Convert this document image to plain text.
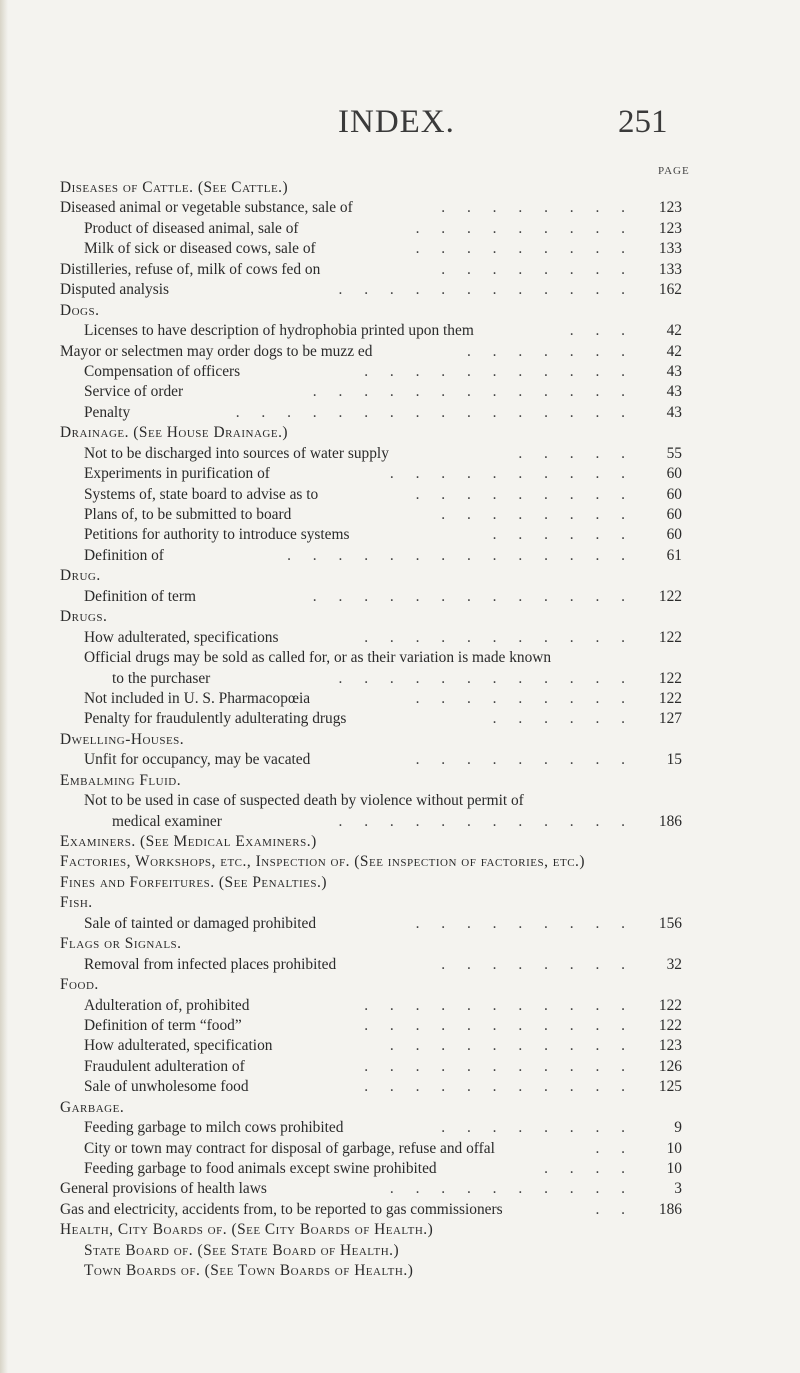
INDEX.	251
PAGE
Diseases of Cattle. (See Cattle.)
Diseased animal or vegetable substance, sale of	. . . . . . . .	123
Product of diseased animal, sale of	. . . . . . . . .	123
Milk of sick or diseased cows, sale of	. . . . . . . . .	133
Distilleries, refuse of, milk of cows fed on	. . . . . . . .	133
Disputed analysis	. . . . . . . . . . . .	162
Dogs.
Licenses to have description of hydrophobia printed upon them	. . .	42
Mayor or selectmen may order dogs to be muzz ed	. . . . . . .	42
Compensation of officers	. . . . . . . . . . .	43
Service of order	. . . . . . . . . . . . .	43
Penalty	. . . . . . . . . . . . . . . .	43
Drainage. (See House Drainage.)
Not to be discharged into sources of water supply	. . . . .	55
Experiments in purification of	. . . . . . . . . .	60
Systems of, state board to advise as to	. . . . . . . . .	60
Plans of, to be submitted to board	. . . . . . . .	60
Petitions for authority to introduce systems	. . . . . .	60
Definition of	. . . . . . . . . . . . . .	61
Drug.
Definition of term	. . . . . . . . . . . . .	122
Drugs.
How adulterated, specifications	. . . . . . . . . . .	122
Official drugs may be sold as called for, or as their variation is made known
to the purchaser	. . . . . . . . . . . .	122
Not included in U. S. Pharmacopœia	. . . . . . . . .	122
Penalty for fraudulently adulterating drugs	. . . . . .	127
Dwelling-Houses.
Unfit for occupancy, may be vacated	. . . . . . . . .	15
Embalming Fluid.
Not to be used in case of suspected death by violence without permit of
medical examiner	. . . . . . . . . . . .	186
Examiners. (See Medical Examiners.)
Factories, Workshops, etc., Inspection of. (See inspection of factories, etc.)
Fines and Forfeitures. (See Penalties.)
Fish.
Sale of tainted or damaged prohibited	. . . . . . . . .	156
Flags or Signals.
Removal from infected places prohibited	. . . . . . . .	32
Food.
Adulteration of, prohibited	. . . . . . . . . . .	122
Definition of term “food”	. . . . . . . . . . .	122
How adulterated, specification	. . . . . . . . . .	123
Fraudulent adulteration of	. . . . . . . . . . .	126
Sale of unwholesome food	. . . . . . . . . . .	125
Garbage.
Feeding garbage to milch cows prohibited	. . . . . . . .	9
City or town may contract for disposal of garbage, refuse and offal	. .	10
Feeding garbage to food animals except swine prohibited	. . . .	10
General provisions of health laws	. . . . . . . . . .	3
Gas and electricity, accidents from, to be reported to gas commissioners	. .	186
Health, City Boards of. (See City Boards of Health.)
State Board of. (See State Board of Health.)
Town Boards of. (See Town Boards of Health.)
